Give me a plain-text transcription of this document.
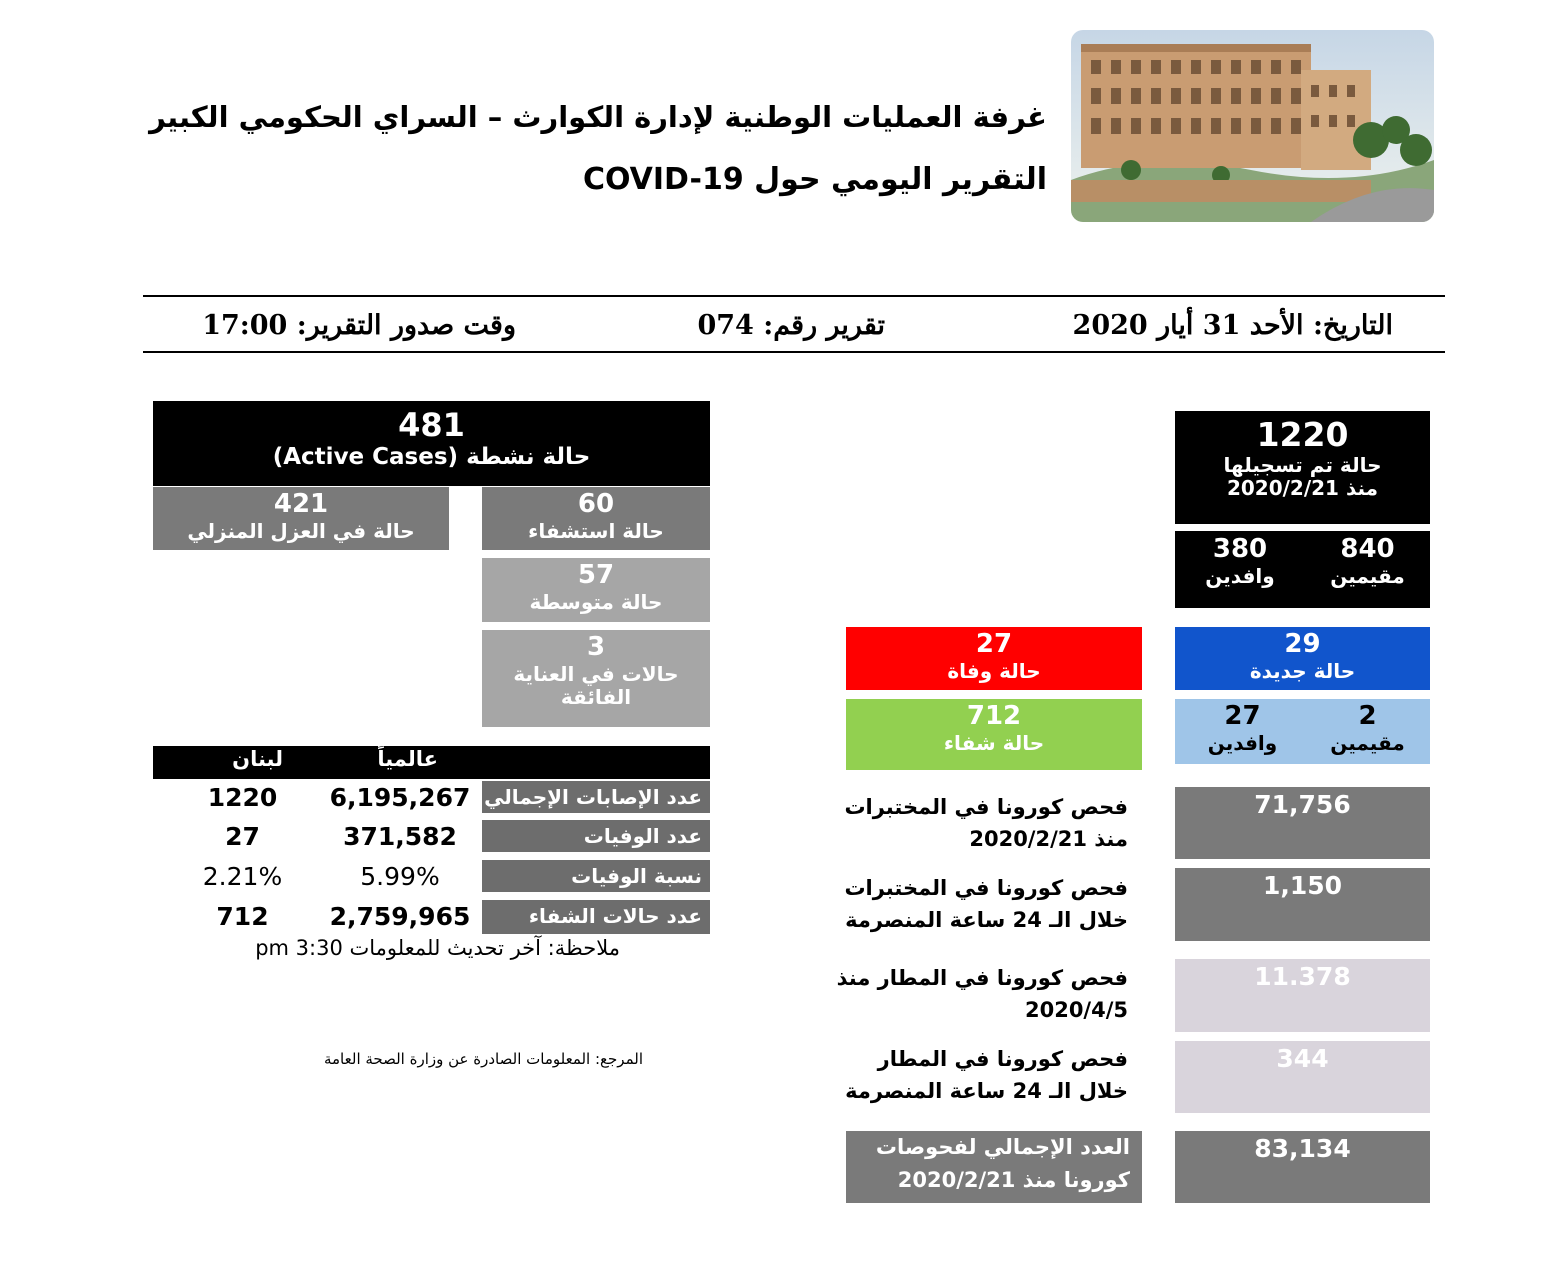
غرفة العمليات الوطنية لإدارة الكوارث – السراي الحكومي الكبير
التقرير اليومي حول COVID-19
التاريخ: الأحد 31 أيار 2020
تقرير رقم: 074
وقت صدور التقرير: 17:00
481
حالة نشطة (Active Cases)
421
حالة في العزل المنزلي
60
حالة استشفاء
57
حالة متوسطة
3
حالات في العناية
الفائقة
عالمياً
لبنان
عدد الإصابات الإجمالي
6,195,267
1220
عدد الوفيات
371,582
27
نسبة الوفيات
5.99%
2.21%
عدد حالات الشفاء
2,759,965
712
ملاحظة: آخر تحديث للمعلومات 3:30 pm
المرجع: المعلومات الصادرة عن وزارة الصحة العامة
1220
حالة تم تسجيلها
منذ 2020/2/21
840
مقيمين
380
وافدين
29
حالة جديدة
27
حالة وفاة
2
مقيمين
27
وافدين
712
حالة شفاء
71,756
فحص كورونا في المختبرات
منذ 2020/2/21
1,150
فحص كورونا في المختبرات
خلال الـ 24 ساعة المنصرمة
11.378
فحص كورونا في المطار منذ
2020/4/5
344
فحص كورونا في المطار
خلال الـ 24 ساعة المنصرمة
83,134
العدد الإجمالي لفحوصات
كورونا منذ 2020/2/21
